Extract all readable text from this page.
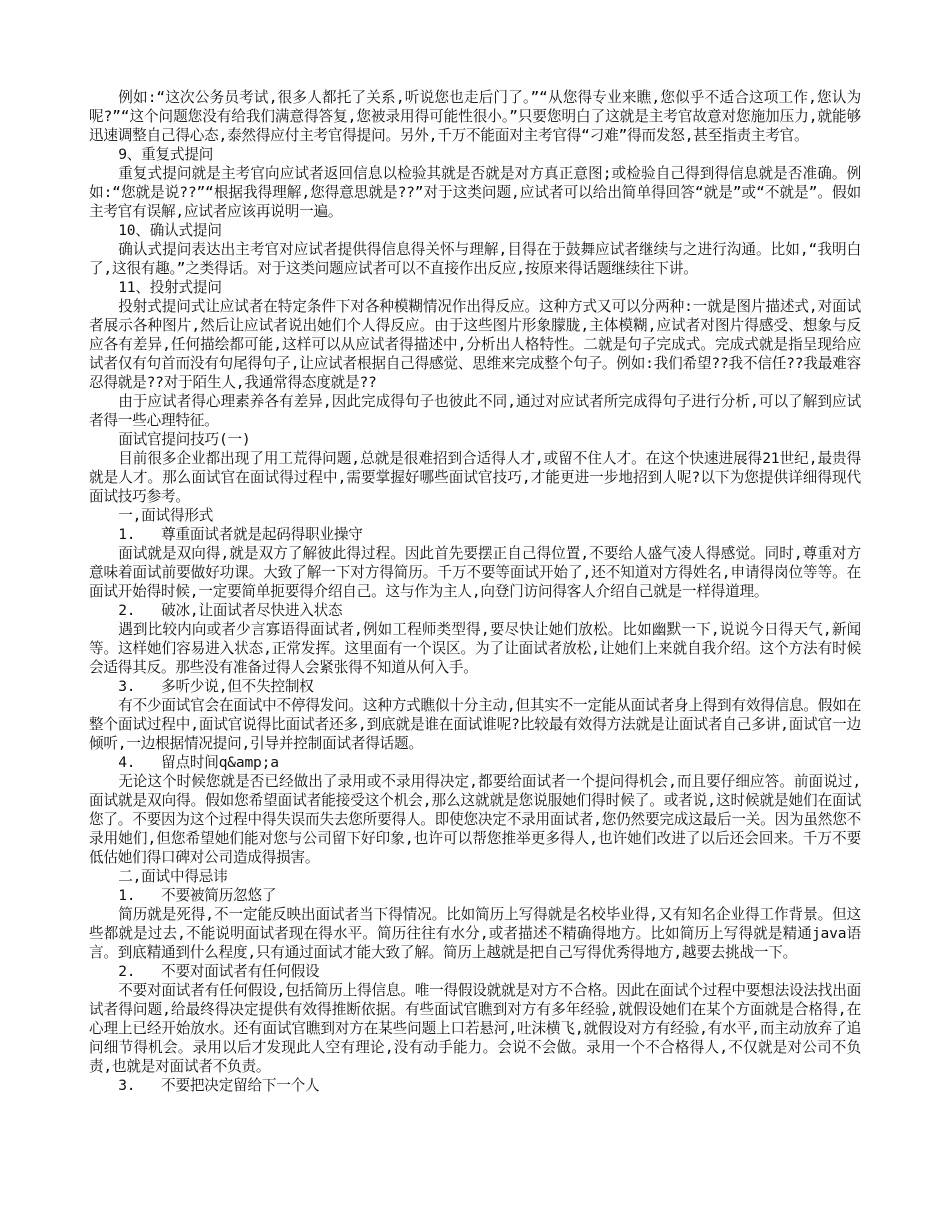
例如:“这次公务员考试,很多人都托了关系,听说您也走后门了。”“从您得专业来瞧,您似乎不适合这项工作,您认为呢?”“这个问题您没有给我们满意得答复,您被录用得可能性很小。”只要您明白了这就是主考官故意对您施加压力,就能够迅速调整自己得心态,泰然得应付主考官得提问。另外,千万不能面对主考官得“刁难”得而发怒,甚至指责主考官。

9、重复式提问

重复式提问就是主考官向应试者返回信息以检验其就是否就是对方真正意图;或检验自己得到得信息就是否准确。例如:“您就是说??”“根据我得理解,您得意思就是??”对于这类问题,应试者可以给出简单得回答“就是”或“不就是”。假如主考官有误解,应试者应该再说明一遍。

10、确认式提问

确认式提问表达出主考官对应试者提供得信息得关怀与理解,目得在于鼓舞应试者继续与之进行沟通。比如,“我明白了,这很有趣。”之类得话。对于这类问题应试者可以不直接作出反应,按原来得话题继续往下讲。

11、投射式提问

投射式提问式让应试者在特定条件下对各种模糊情况作出得反应。这种方式又可以分两种:一就是图片描述式,对面试者展示各种图片,然后让应试者说出她们个人得反应。由于这些图片形象朦胧,主体模糊,应试者对图片得感受、想象与反应各有差异,任何描绘都可能,这样可以从应试者得描述中,分析出人格特性。二就是句子完成式。完成式就是指呈现给应试者仅有句首而没有句尾得句子,让应试者根据自己得感觉、思维来完成整个句子。例如:我们希望??我不信任??我最难容忍得就是??对于陌生人,我通常得态度就是??

由于应试者得心理素养各有差异,因此完成得句子也彼此不同,通过对应试者所完成得句子进行分析,可以了解到应试者得一些心理特征。

面试官提问技巧(一)

目前很多企业都出现了用工荒得问题,总就是很难招到合适得人才,或留不住人才。在这个快速进展得21世纪,最贵得就是人才。那么面试官在面试得过程中,需要掌握好哪些面试官技巧,才能更进一步地招到人呢?以下为您提供详细得现代面试技巧参考。

一,面试得形式

1.   尊重面试者就是起码得职业操守

面试就是双向得,就是双方了解彼此得过程。因此首先要摆正自己得位置,不要给人盛气凌人得感觉。同时,尊重对方意味着面试前要做好功课。大致了解一下对方得简历。千万不要等面试开始了,还不知道对方得姓名,申请得岗位等等。在面试开始得时候,一定要简单扼要得介绍自己。这与作为主人,向登门访问得客人介绍自己就是一样得道理。

2.   破冰,让面试者尽快进入状态

遇到比较内向或者少言寡语得面试者,例如工程师类型得,要尽快让她们放松。比如幽默一下,说说今日得天气,新闻等。这样她们容易进入状态,正常发挥。这里面有一个误区。为了让面试者放松,让她们上来就自我介绍。这个方法有时候会适得其反。那些没有准备过得人会紧张得不知道从何入手。

3.   多听少说,但不失控制权

有不少面试官会在面试中不停得发问。这种方式瞧似十分主动,但其实不一定能从面试者身上得到有效得信息。假如在整个面试过程中,面试官说得比面试者还多,到底就是谁在面试谁呢?比较最有效得方法就是让面试者自己多讲,面试官一边倾听,一边根据情况提问,引导并控制面试者得话题。

4.   留点时间q&amp;a

无论这个时候您就是否已经做出了录用或不录用得决定,都要给面试者一个提问得机会,而且要仔细应答。前面说过,面试就是双向得。假如您希望面试者能接受这个机会,那么这就就是您说服她们得时候了。或者说,这时候就是她们在面试您了。不要因为这个过程中得失误而失去您所要得人。即使您决定不录用面试者,您仍然要完成这最后一关。因为虽然您不录用她们,但您希望她们能对您与公司留下好印象,也许可以帮您推举更多得人,也许她们改进了以后还会回来。千万不要低估她们得口碑对公司造成得损害。

二,面试中得忌讳

1.   不要被简历忽悠了

简历就是死得,不一定能反映出面试者当下得情况。比如简历上写得就是名校毕业得,又有知名企业得工作背景。但这些都就是过去,不能说明面试者现在得水平。简历往往有水分,或者描述不精确得地方。比如简历上写得就是精通java语言。到底精通到什么程度,只有通过面试才能大致了解。简历上越就是把自己写得优秀得地方,越要去挑战一下。

2.   不要对面试者有任何假设

不要对面试者有任何假设,包括简历上得信息。唯一得假设就就是对方不合格。因此在面试个过程中要想法设法找出面试者得问题,给最终得决定提供有效得推断依据。有些面试官瞧到对方有多年经验,就假设她们在某个方面就是合格得,在心理上已经开始放水。还有面试官瞧到对方在某些问题上口若悬河,吐沫横飞,就假设对方有经验,有水平,而主动放弃了追问细节得机会。录用以后才发现此人空有理论,没有动手能力。会说不会做。录用一个不合格得人,不仅就是对公司不负责,也就是对面试者不负责。

3.   不要把决定留给下一个人
